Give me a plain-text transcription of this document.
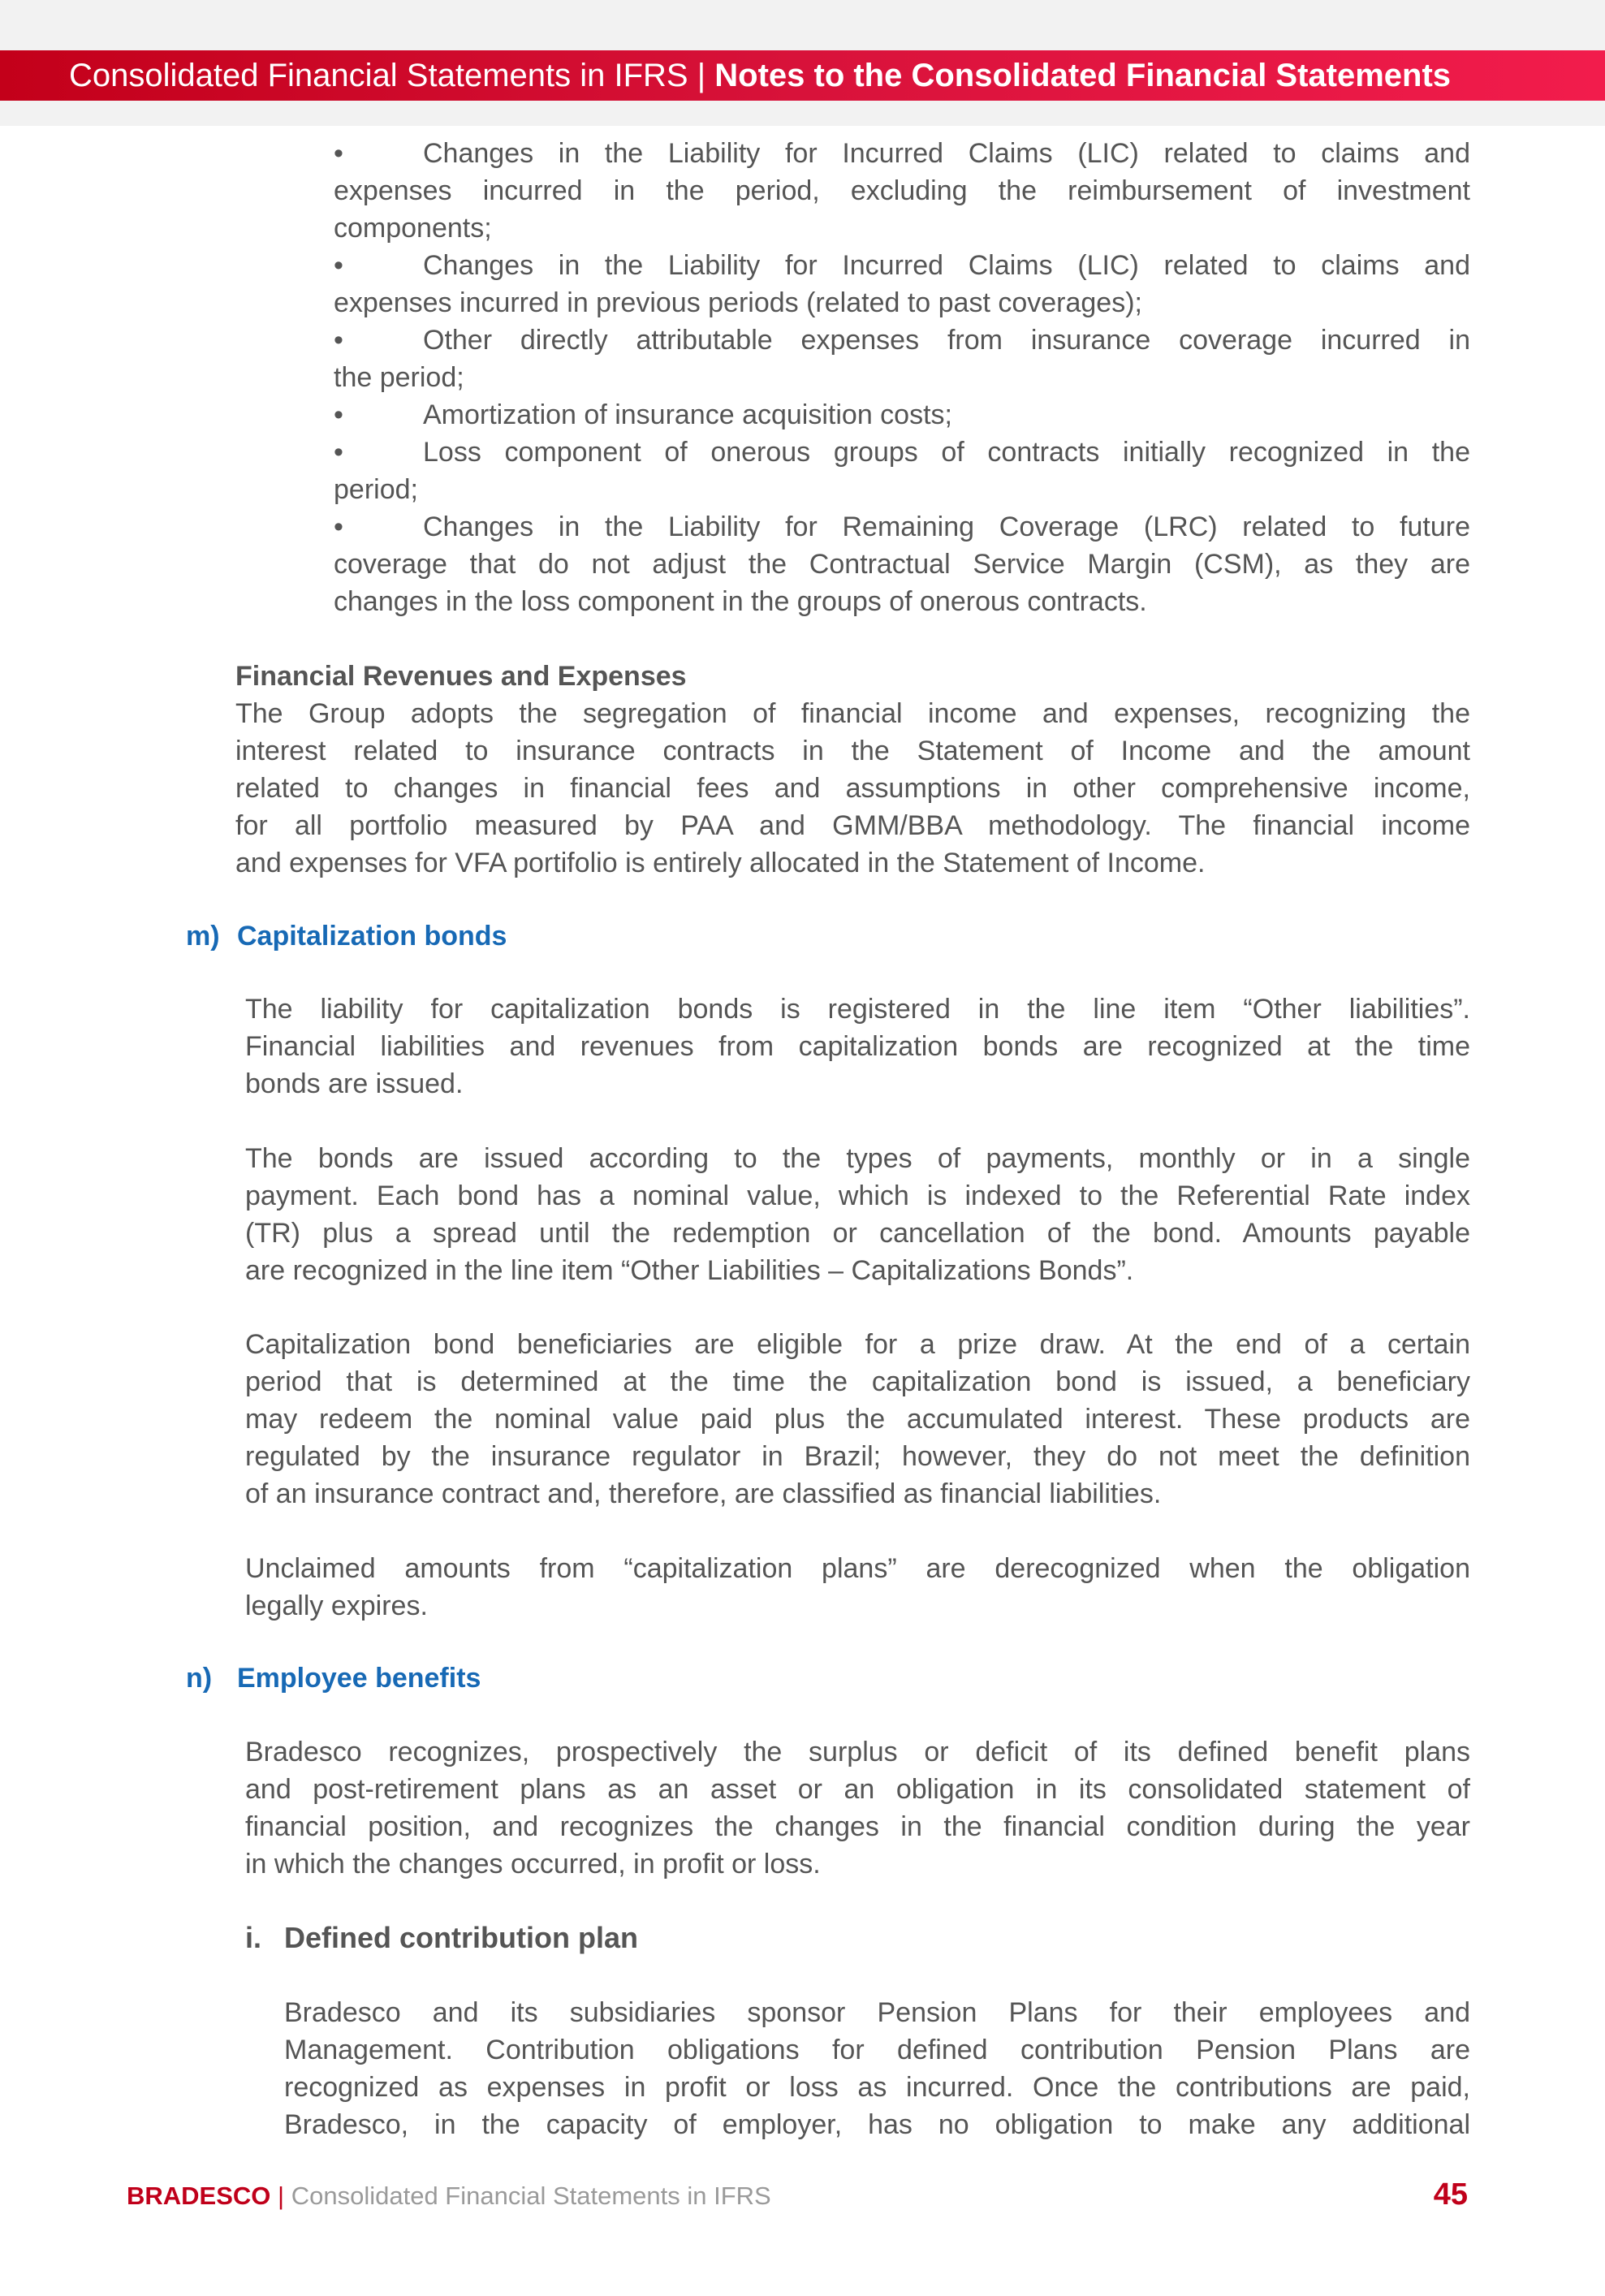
Consolidated Financial Statements in IFRS | Notes to the Consolidated Financial Statements
•	Changes in the Liability for Incurred Claims (LIC) related to claims and
expenses incurred in the period, excluding the reimbursement of investment
components;
•	Changes in the Liability for Incurred Claims (LIC) related to claims and
expenses incurred in previous periods (related to past coverages);
•	Other directly attributable expenses from insurance coverage incurred in
the period;
•	Amortization of insurance acquisition costs;
•	Loss component of onerous groups of contracts initially recognized in the
period;
•	Changes in the Liability for Remaining Coverage (LRC) related to future
coverage that do not adjust the Contractual Service Margin (CSM), as they are
changes in the loss component in the groups of onerous contracts.
Financial Revenues and Expenses
The Group adopts the segregation of financial income and expenses, recognizing the
interest related to insurance contracts in the Statement of Income and the amount
related to changes in financial fees and assumptions in other comprehensive income,
for all portfolio measured by PAA and GMM/BBA methodology. The financial income
and expenses for VFA portifolio is entirely allocated in the Statement of Income.
m) Capitalization bonds
The liability for capitalization bonds is registered in the line item “Other liabilities”.
Financial liabilities and revenues from capitalization bonds are recognized at the time
bonds are issued.
The bonds are issued according to the types of payments, monthly or in a single
payment. Each bond has a nominal value, which is indexed to the Referential Rate index
(TR) plus a spread until the redemption or cancellation of the bond. Amounts payable
are recognized in the line item “Other Liabilities – Capitalizations Bonds”.
Capitalization bond beneficiaries are eligible for a prize draw. At the end of a certain
period that is determined at the time the capitalization bond is issued, a beneficiary
may redeem the nominal value paid plus the accumulated interest. These products are
regulated by the insurance regulator in Brazil; however, they do not meet the definition
of an insurance contract and, therefore, are classified as financial liabilities.
Unclaimed amounts from “capitalization plans” are derecognized when the obligation
legally expires.
n) Employee benefits
Bradesco recognizes, prospectively the surplus or deficit of its defined benefit plans
and post-retirement plans as an asset or an obligation in its consolidated statement of
financial position, and recognizes the changes in the financial condition during the year
in which the changes occurred, in profit or loss.
i. Defined contribution plan
Bradesco and its subsidiaries sponsor Pension Plans for their employees and
Management. Contribution obligations for defined contribution Pension Plans are
recognized as expenses in profit or loss as incurred. Once the contributions are paid,
Bradesco, in the capacity of employer, has no obligation to make any additional
BRADESCO | Consolidated Financial Statements in IFRS	45
